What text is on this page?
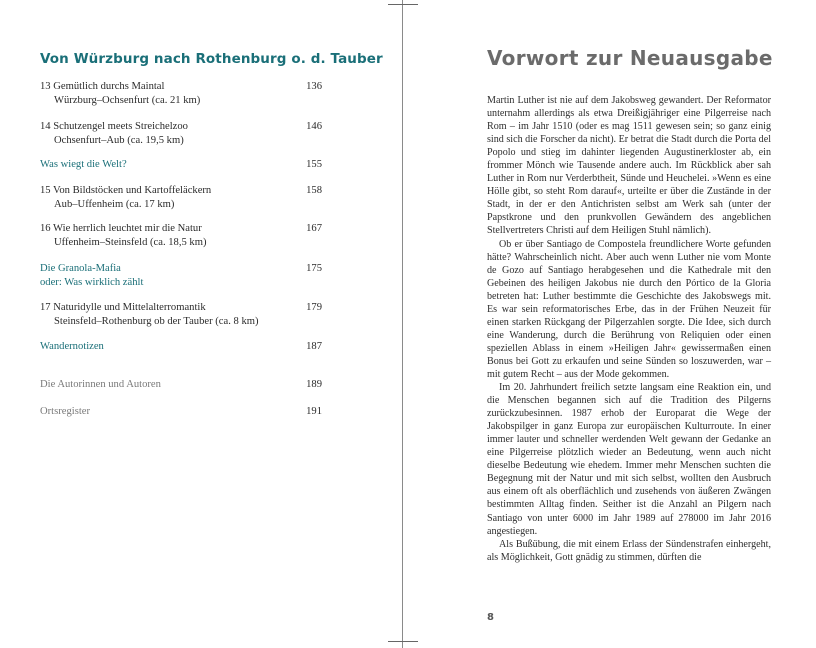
Von Würzburg nach Rothenburg o. d. Tauber
13 Gemütlich durchs Maintal	136
Würzburg–Ochsenfurt (ca. 21 km)
14 Schutzengel meets Streichelzoo	146
Ochsenfurt–Aub (ca. 19,5 km)
Was wiegt die Welt?	155
15 Von Bildstöcken und Kartoffeläckern	158
Aub–Uffenheim (ca. 17 km)
16 Wie herrlich leuchtet mir die Natur	167
Uffenheim–Steinsfeld (ca. 18,5 km)
Die Granola-Mafia	175
oder: Was wirklich zählt
17 Naturidylle und Mittelalterromantik	179
Steinsfeld–Rothenburg ob der Tauber (ca. 8 km)
Wandernotizen	187
Die Autorinnen und Autoren	189
Ortsregister	191
Vorwort zur Neuausgabe

Martin Luther ist nie auf dem Jakobsweg gewandert. Der Reformator unternahm allerdings als etwa Dreißigjähriger eine Pilgerreise nach Rom – im Jahr 1510 (oder es mag 1511 gewesen sein; so ganz einig sind sich die Forscher da nicht). Er betrat die Stadt durch die Porta del Popolo und stieg im dahinter liegenden Augustinerkloster ab, ein frommer Mönch wie Tausende andere auch. Im Rückblick aber sah Luther in Rom nur Verderbtheit, Sünde und Heuchelei. »Wenn es eine Hölle gibt, so steht Rom darauf«, urteilte er über die Zustände in der Stadt, in der er den Antichristen selbst am Werk sah (unter der Papstkrone und den prunkvollen Gewändern des angeblichen Stellvertreters Christi auf dem Heiligen Stuhl nämlich).

Ob er über Santiago de Compostela freundlichere Worte gefunden hätte? Wahrscheinlich nicht. Aber auch wenn Luther nie vom Monte de Gozo auf Santiago herabgesehen und die Kathedrale mit den Gebeinen des heiligen Jakobus nie durch den Pórtico de la Gloria betreten hat: Luther bestimmte die Geschichte des Jakobswegs mit. Es war sein reformatorisches Erbe, das in der Frühen Neuzeit für einen starken Rückgang der Pilgerzahlen sorgte. Die Idee, sich durch eine Wanderung, durch die Berührung von Reliquien oder einen speziellen Ablass in einem »Heiligen Jahr« gewissermaßen einen Bonus bei Gott zu erkaufen und seine Sünden so loszuwerden, war – mit gutem Recht – aus der Mode gekommen.

Im 20. Jahrhundert freilich setzte langsam eine Reaktion ein, und die Menschen begannen sich auf die Tradition des Pilgerns zurückzubesinnen. 1987 erhob der Europarat die Wege der Jakobspilger in ganz Europa zur europäischen Kulturroute. In einer immer lauter und schneller werdenden Welt gewann der Gedanke an eine Pilgerreise plötzlich wieder an Bedeutung, wenn auch nicht dieselbe Bedeutung wie ehedem. Immer mehr Menschen suchten die Begegnung mit der Natur und mit sich selbst, wollten den Ausbruch aus einem oft als oberflächlich und zusehends von äußeren Zwängen bestimmten Alltag finden. Seither ist die Anzahl an Pilgern nach Santiago von unter 6000 im Jahr 1989 auf 278000 im Jahr 2016 angestiegen.

Als Bußübung, die mit einem Erlass der Sündenstrafen einhergeht, als Möglichkeit, Gott gnädig zu stimmen, dürften die

8
